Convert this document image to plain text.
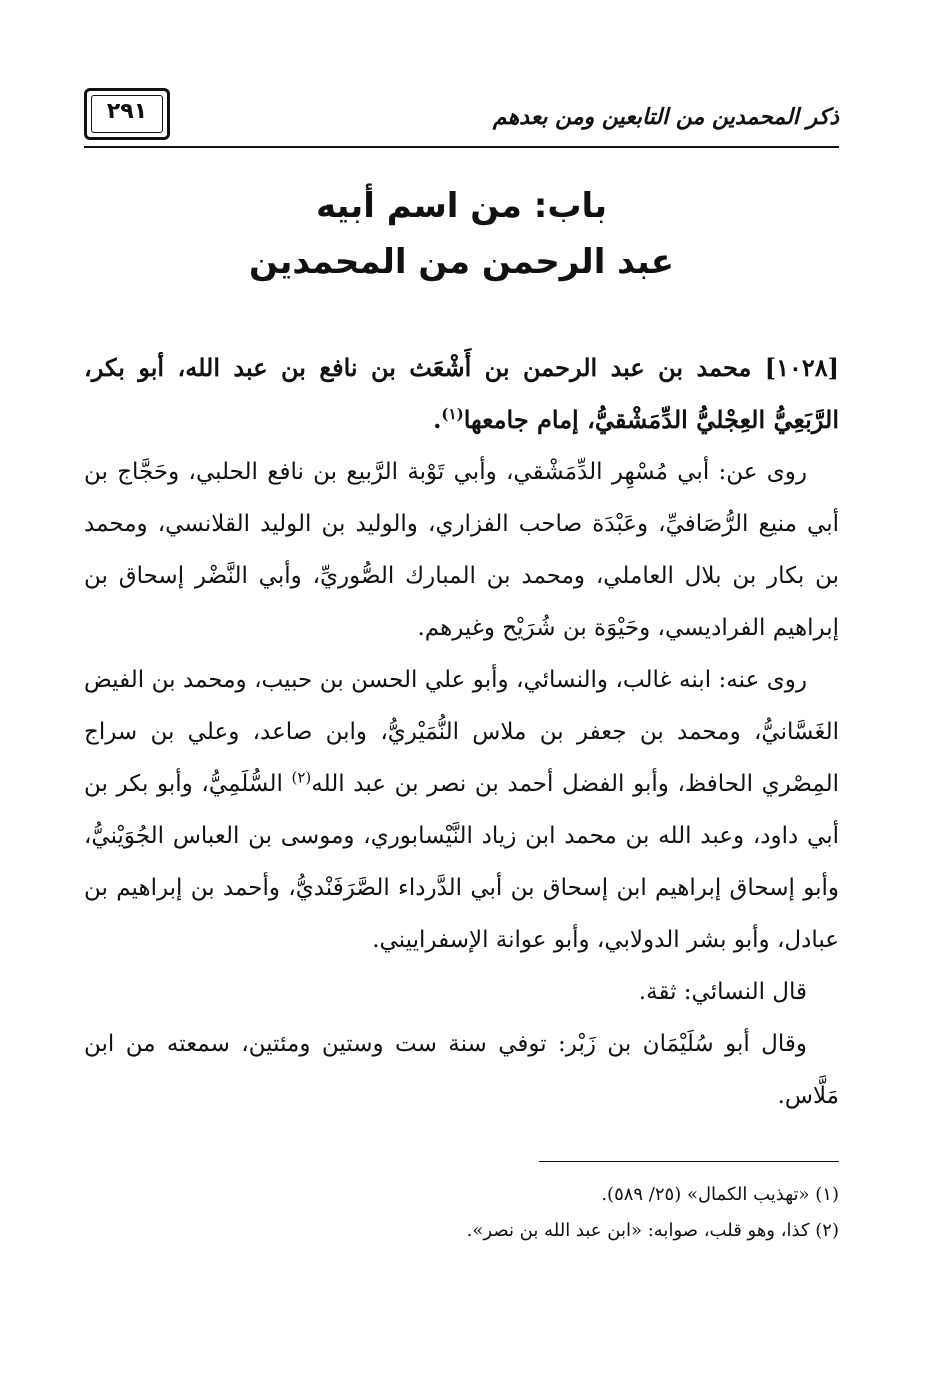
٢٩١	ذكر المحمدين من التابعين ومن بعدهم
باب: من اسم أبيه
عبد الرحمن من المحمدين

[١٠٢٨] محمد بن عبد الرحمن بن أَشْعَث بن نافع بن عبد الله، أبو بكر، الرَّبَعِيُّ العِجْليُّ الدِّمَشْقيُّ، إمام جامعها$^{(١)}$.

روى عن: أبي مُسْهِر الدِّمَشْقي، وأبي تَوْبة الرَّبيع بن نافع الحلبي، وحَجَّاج بن أبي منيع الرُّصَافيِّ، وعَبْدَة صاحب الفزاري، والوليد بن الوليد القلانسي، ومحمد بن بكار بن بلال العاملي، ومحمد بن المبارك الصُّوريِّ، وأبي النَّضْر إسحاق بن إبراهيم الفراديسي، وحَيْوَة بن شُرَيْح وغيرهم.

روى عنه: ابنه غالب، والنسائي، وأبو علي الحسن بن حبيب، ومحمد بن الفيض الغَسَّانيُّ، ومحمد بن جعفر بن ملاس النُّمَيْريُّ، وابن صاعد، وعلي بن سراج المِصْري الحافظ، وأبو الفضل أحمد بن نصر بن عبد الله$^{(٢)}$ السُّلَمِيُّ، وأبو بكر بن أبي داود، وعبد الله بن محمد ابن زياد النَّيْسابوري، وموسى بن العباس الجُوَيْنيُّ، وأبو إسحاق إبراهيم ابن إسحاق بن أبي الدَّرداء الصَّرَفَنْديُّ، وأحمد بن إبراهيم بن عبادل، وأبو بشر الدولابي، وأبو عوانة الإسفراييني.

قال النسائي: ثقة.

وقال أبو سُلَيْمَان بن زَبْر: توفي سنة ست وستين ومئتين، سمعته من ابن مَلَّاس.

(١) «تهذيب الكمال» (٢٥/ ٥٨٩).

(٢) كذا، وهو قلب، صوابه: «ابن عبد الله بن نصر».
